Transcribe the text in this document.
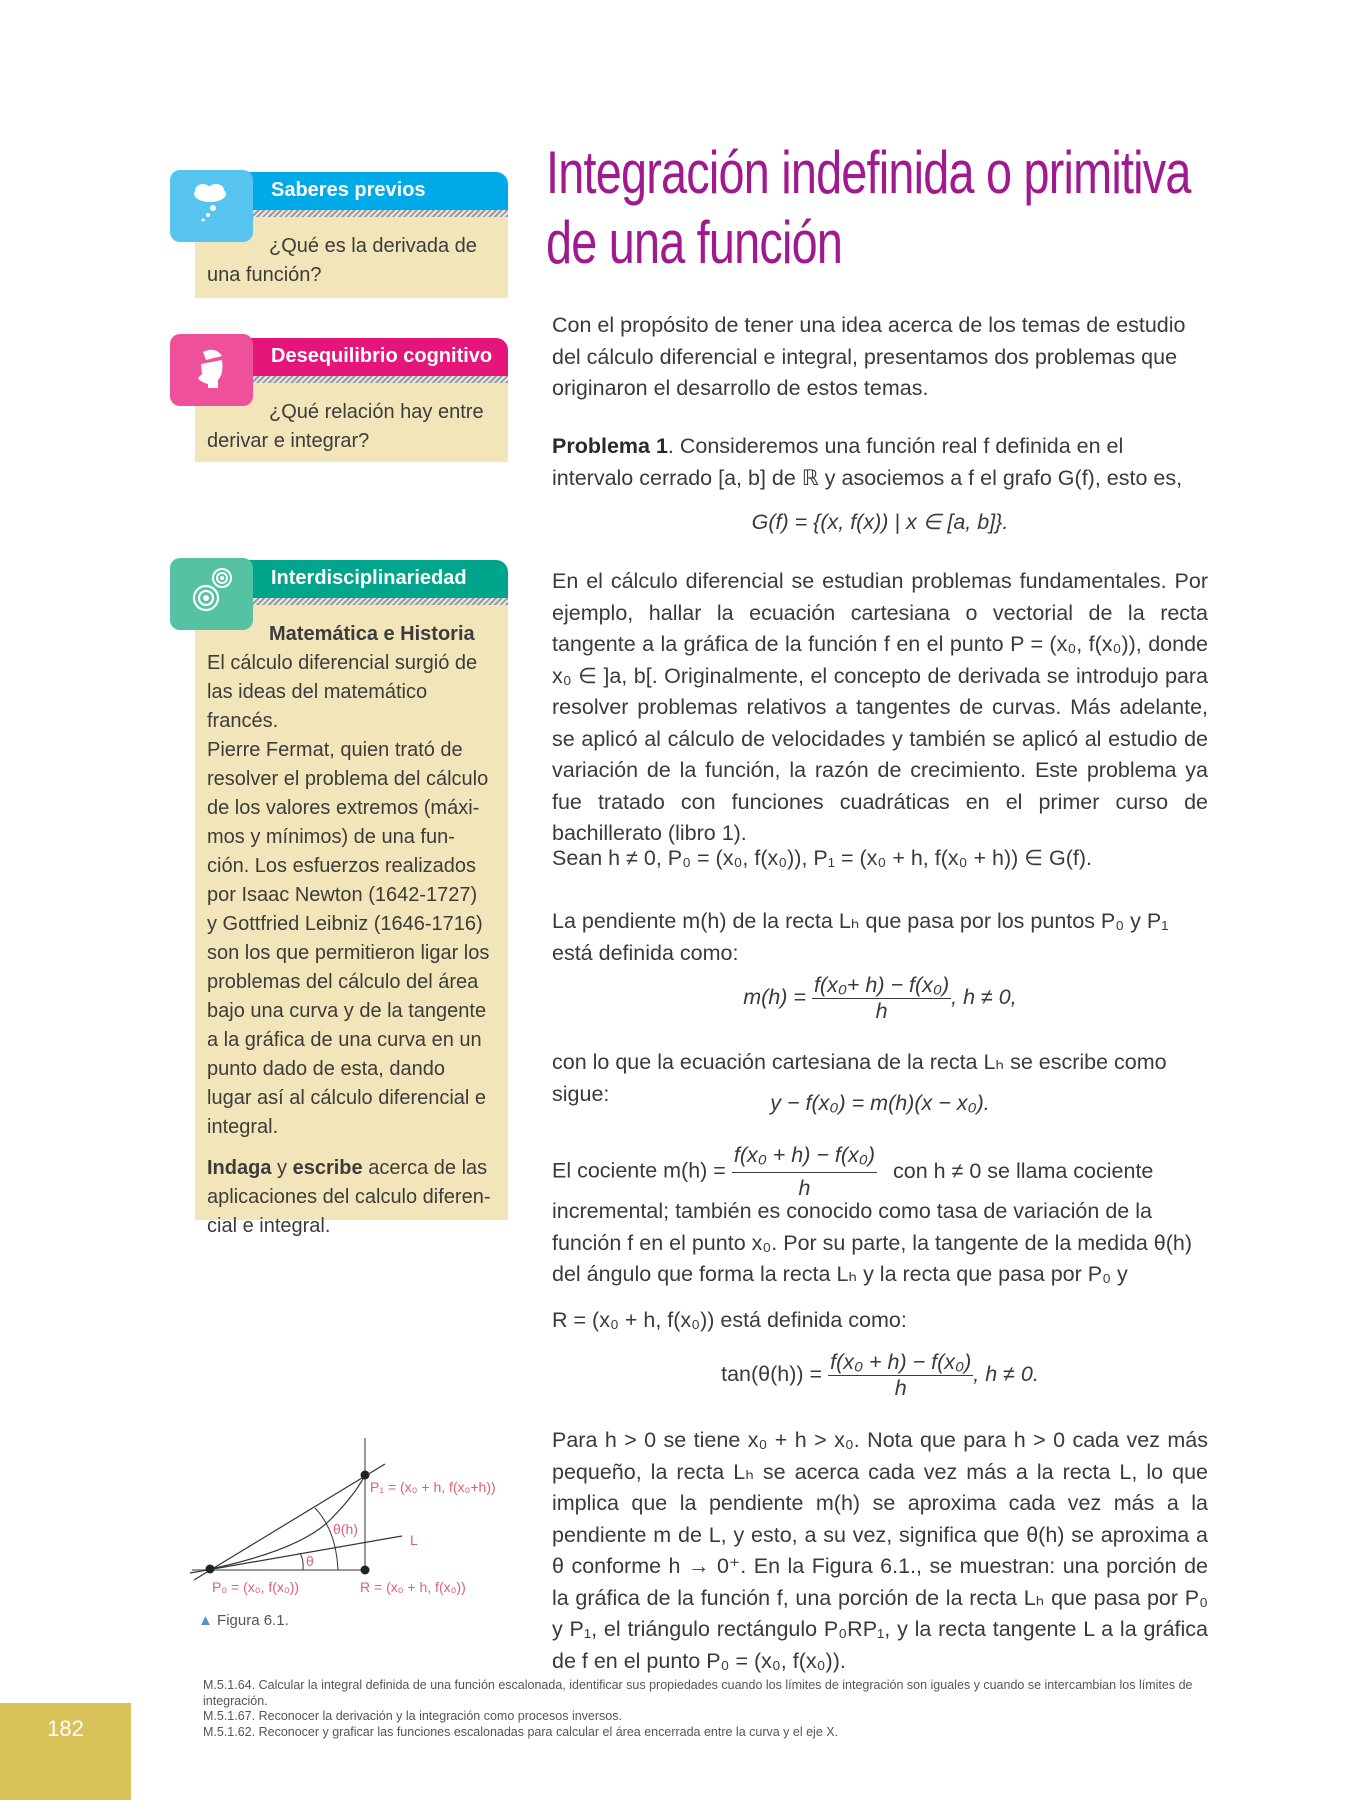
Saberes previos
¿Qué es la derivada de
una función?
Desequilibrio cognitivo
¿Qué relación hay entre
derivar e integrar?
Interdisciplinariedad
Matemática e Historia
El cálculo diferencial surgió de
las ideas del matemático francés.
Pierre Fermat, quien trató de
resolver el problema del cálculo
de los valores extremos (máxi-
mos y mínimos) de una fun-
ción. Los esfuerzos realizados
por Isaac Newton (1642-1727)
y Gottfried Leibniz (1646-1716)
son los que permitieron ligar los
problemas del cálculo del área
bajo una curva y de la tangente
a la gráfica de una curva en un
punto dado de esta, dando
lugar así al cálculo diferencial e
integral.
Indaga y escribe acerca de las
aplicaciones del calculo diferen-
cial e integral.
Integración indefinida o primitiva
de una función
Con el propósito de tener una idea acerca de los temas de estudio del cálculo diferencial e integral, presentamos dos problemas que originaron el desarrollo de estos temas.
Problema 1. Consideremos una función real f definida en el intervalo cerrado [a, b] de ℝ y asociemos a f el grafo G(f), esto es,
G(f) = {(x, f(x)) | x ∈ [a, b]}.
En el cálculo diferencial se estudian problemas fundamentales. Por ejemplo, hallar la ecuación cartesiana o vectorial de la recta tangente a la gráfica de la función f en el punto P = (x₀, f(x₀)), donde x₀ ∈ ]a, b[. Originalmente, el concepto de derivada se introdujo para resolver problemas relativos a tangentes de curvas. Más adelante, se aplicó al cálculo de velocidades y también se aplicó al estudio de variación de la función, la razón de crecimiento. Este problema ya fue tratado con funciones cuadráticas en el primer curso de bachillerato (libro 1).
Sean h ≠ 0, P₀ = (x₀, f(x₀)), P₁ = (x₀ + h, f(x₀ + h)) ∈ G(f).
La pendiente m(h) de la recta Lₕ que pasa por los puntos P₀ y P₁ está definida como:
$m(h) = \frac{\text{f(x₀+ h) − f(x₀)}}{h}$ , h ≠ 0,
con lo que la ecuación cartesiana de la recta Lₕ se escribe como sigue:	y − f(x₀) = m(h)(x − x₀).
El cociente $m(h) = \frac{\text{f(x₀ + h) − f(x₀)}}{h}$ con h ≠ 0 se llama cociente
incremental; también es conocido como tasa de variación de la función f en el punto x₀. Por su parte, la tangente de la medida θ(h) del ángulo que forma la recta Lₕ y la recta que pasa por P₀ y
R = (x₀ + h, f(x₀)) está definida como:
$\tan(\theta(h)) = \frac{\text{f(x₀ + h) − f(x₀)}}{h}$ , h ≠ 0.
Para h > 0 se tiene x₀ + h > x₀. Nota que para h > 0 cada vez más pequeño, la recta Lₕ se acerca cada vez más a la recta L, lo que implica que la pendiente m(h) se aproxima cada vez más a la pendiente m de L, y esto, a su vez, significa que θ(h) se aproxima a θ conforme h → 0⁺. En la Figura 6.1., se muestran: una porción de la gráfica de la función f, una porción de la recta Lₕ que pasa por P₀ y P₁, el triángulo rectángulo P₀RP₁, y la recta tangente L a la gráfica de f en el punto P₀ = (x₀, f(x₀)).
P₁ = (x₀ + h, f(x₀+h))
θ(h)
L
θ
P₀ = (x₀, f(x₀))	R = (x₀ + h, f(x₀))
▲ Figura 6.1.
182
M.5.1.64. Calcular la integral definida de una función escalonada, identificar sus propiedades cuando los límites de integración son iguales y cuando se intercambian los límites de integración.
M.5.1.67. Reconocer la derivación y la integración como procesos inversos.
M.5.1.62. Reconocer y graficar las funciones escalonadas para calcular el área encerrada entre la curva y el eje X.
